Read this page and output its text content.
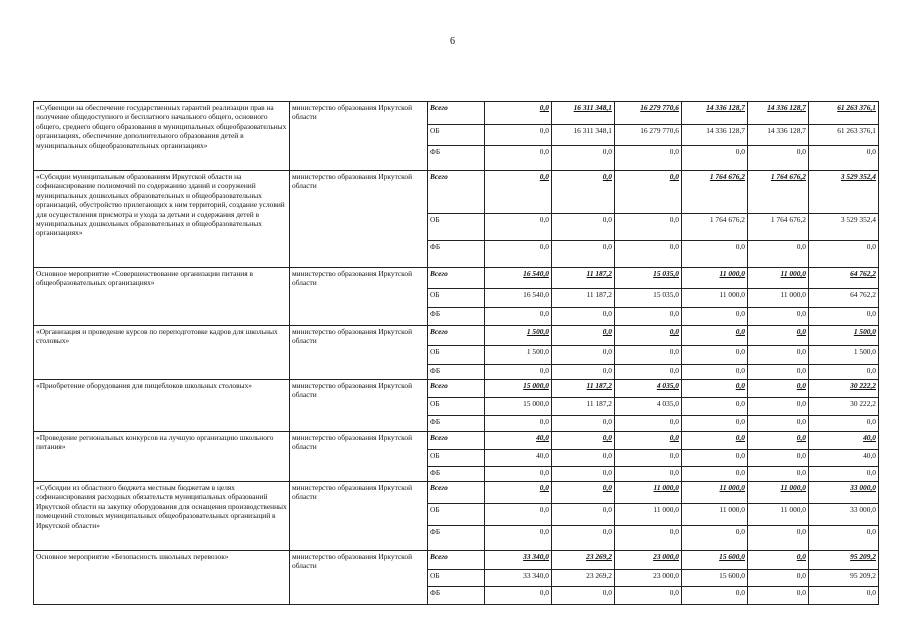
6
«Субвенции на обеспечение государственных гарантий реализации прав на получение общедоступного и бесплатного начального общего, основного общего, среднего общего образования в муниципальных общеобразовательных организациях, обеспечение дополнительного образования детей в муниципальных общеобразовательных организациях»	министерство образования Иркутской области	Всего	0,0	16 311 348,1	16 279 770,6	14 336 128,7	14 336 128,7	61 263 376,1
		ОБ	0,0	16 311 348,1	16 279 770,6	14 336 128,7	14 336 128,7	61 263 376,1
		ФБ	0,0	0,0	0,0	0,0	0,0	0,0
«Субсидии муниципальным образованиям Иркутской области на софинансирование полномочий по содержанию зданий и сооружений муниципальных дошкольных образовательных и общеобразовательных организаций, обустройство прилегающих к ним территорий, создание условий для осуществления присмотра и ухода за детьми и содержания детей в муниципальных дошкольных образовательных и общеобразовательных организациях»	министерство образования Иркутской области	Всего	0,0	0,0	0,0	1 764 676,2	1 764 676,2	3 529 352,4
		ОБ	0,0	0,0	0,0	1 764 676,2	1 764 676,2	3 529 352,4
		ФБ	0,0	0,0	0,0	0,0	0,0	0,0
Основное мероприятие «Совершенствование организации питания в общеобразовательных организациях»	министерство образования Иркутской области	Всего	16 540,0	11 187,2	15 035,0	11 000,0	11 000,0	64 762,2
		ОБ	16 540,0	11 187,2	15 035,0	11 000,0	11 000,0	64 762,2
		ФБ	0,0	0,0	0,0	0,0	0,0	0,0
«Организация и проведение курсов по переподготовке кадров для школьных столовых»	министерство образования Иркутской области	Всего	1 500,0	0,0	0,0	0,0	0,0	1 500,0
		ОБ	1 500,0	0,0	0,0	0,0	0,0	1 500,0
		ФБ	0,0	0,0	0,0	0,0	0,0	0,0
«Приобретение оборудования для пищеблоков школьных столовых»	министерство образования Иркутской области	Всего	15 000,0	11 187,2	4 035,0	0,0	0,0	30 222,2
		ОБ	15 000,0	11 187,2	4 035,0	0,0	0,0	30 222,2
		ФБ	0,0	0,0	0,0	0,0	0,0	0,0
«Проведение региональных конкурсов на лучшую организацию школьного питания»	министерство образования Иркутской области	Всего	40,0	0,0	0,0	0,0	0,0	40,0
		ОБ	40,0	0,0	0,0	0,0	0,0	40,0
		ФБ	0,0	0,0	0,0	0,0	0,0	0,0
«Субсидии из областного бюджета местным бюджетам в целях софинансирования расходных обязательств муниципальных образований Иркутской области на закупку оборудования для оснащения производственных помещений столовых муниципальных общеобразовательных организаций в Иркутской области»	министерство образования Иркутской области	Всего	0,0	0,0	11 000,0	11 000,0	11 000,0	33 000,0
		ОБ	0,0	0,0	11 000,0	11 000,0	11 000,0	33 000,0
		ФБ	0,0	0,0	0,0	0,0	0,0	0,0
Основное мероприятие «Безопасность школьных перевозок»	министерство образования Иркутской области	Всего	33 340,0	23 269,2	23 000,0	15 600,0	0,0	95 209,2
		ОБ	33 340,0	23 269,2	23 000,0	15 600,0	0,0	95 209,2
		ФБ	0,0	0,0	0,0	0,0	0,0	0,0
